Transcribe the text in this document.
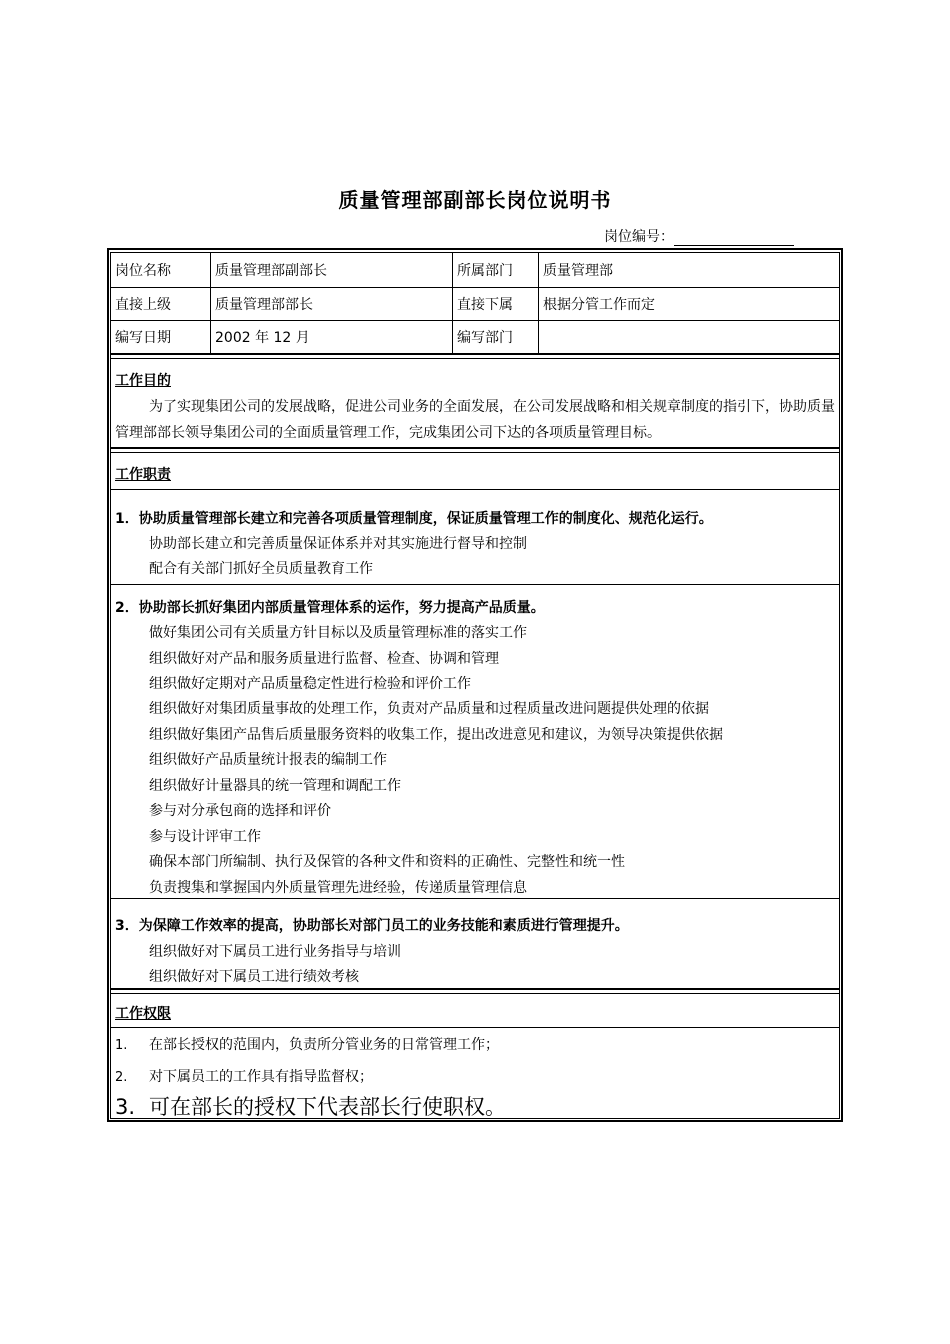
质量管理部副部长岗位说明书
岗位编号：
岗位名称	质量管理部副部长	所属部门	质量管理部
直接上级	质量管理部部长	直接下属	根据分管工作而定
编写日期	2002 年 12 月	编写部门
工作目的
为了实现集团公司的发展战略，促进公司业务的全面发展，在公司发展战略和相关规章制度的指引下，协助质量管理部部长领导集团公司的全面质量管理工作，完成集团公司下达的各项质量管理目标。
工作职责
1．协助质量管理部长建立和完善各项质量管理制度，保证质量管理工作的制度化、规范化运行。
协助部长建立和完善质量保证体系并对其实施进行督导和控制
配合有关部门抓好全员质量教育工作
2．协助部长抓好集团内部质量管理体系的运作，努力提高产品质量。
做好集团公司有关质量方针目标以及质量管理标准的落实工作
组织做好对产品和服务质量进行监督、检查、协调和管理
组织做好定期对产品质量稳定性进行检验和评价工作
组织做好对集团质量事故的处理工作，负责对产品质量和过程质量改进问题提供处理的依据
组织做好集团产品售后质量服务资料的收集工作，提出改进意见和建议，为领导决策提供依据
组织做好产品质量统计报表的编制工作
组织做好计量器具的统一管理和调配工作
参与对分承包商的选择和评价
参与设计评审工作
确保本部门所编制、执行及保管的各种文件和资料的正确性、完整性和统一性
负责搜集和掌握国内外质量管理先进经验，传递质量管理信息
3．为保障工作效率的提高，协助部长对部门员工的业务技能和素质进行管理提升。
组织做好对下属员工进行业务指导与培训
组织做好对下属员工进行绩效考核
工作权限
1. 在部长授权的范围内，负责所分管业务的日常管理工作；
2. 对下属员工的工作具有指导监督权；
3. 可在部长的授权下代表部长行使职权。
